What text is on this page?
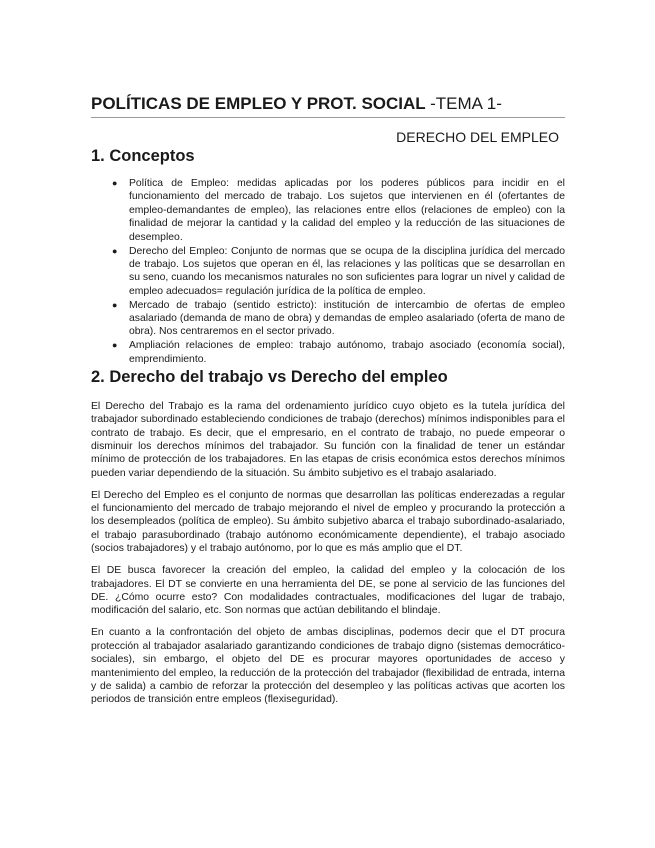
POLÍTICAS DE EMPLEO Y PROT. SOCIAL -TEMA 1-
DERECHO DEL EMPLEO
1. Conceptos
● Política de Empleo: medidas aplicadas por los poderes públicos para incidir en el funcionamiento del mercado de trabajo. Los sujetos que intervienen en él (ofertantes de empleo-demandantes de empleo), las relaciones entre ellos (relaciones de empleo) con la finalidad de mejorar la cantidad y la calidad del empleo y la reducción de las situaciones de desempleo.
● Derecho del Empleo: Conjunto de normas que se ocupa de la disciplina jurídica del mercado de trabajo. Los sujetos que operan en él, las relaciones y las políticas que se desarrollan en su seno, cuando los mecanismos naturales no son suficientes para lograr un nivel y calidad de empleo adecuados= regulación jurídica de la política de empleo.
● Mercado de trabajo (sentido estricto): institución de intercambio de ofertas de empleo asalariado (demanda de mano de obra) y demandas de empleo asalariado (oferta de mano de obra). Nos centraremos en el sector privado.
● Ampliación relaciones de empleo: trabajo autónomo, trabajo asociado (economía social), emprendimiento.
2. Derecho del trabajo vs Derecho del empleo

El Derecho del Trabajo es la rama del ordenamiento jurídico cuyo objeto es la tutela jurídica del trabajador subordinado estableciendo condiciones de trabajo (derechos) mínimos indisponibles para el contrato de trabajo. Es decir, que el empresario, en el contrato de trabajo, no puede empeorar o disminuir los derechos mínimos del trabajador. Su función con la finalidad de tener un estándar mínimo de protección de los trabajadores. En las etapas de crisis económica estos derechos mínimos pueden variar dependiendo de la situación. Su ámbito subjetivo es el trabajo asalariado.

El Derecho del Empleo es el conjunto de normas que desarrollan las políticas enderezadas a regular el funcionamiento del mercado de trabajo mejorando el nivel de empleo y procurando la protección a los desempleados (política de empleo). Su ámbito subjetivo abarca el trabajo subordinado-asalariado, el trabajo parasubordinado (trabajo autónomo económicamente dependiente), el trabajo asociado (socios trabajadores) y el trabajo autónomo, por lo que es más amplio que el DT.

El DE busca favorecer la creación del empleo, la calidad del empleo y la colocación de los trabajadores. El DT se convierte en una herramienta del DE, se pone al servicio de las funciones del DE. ¿Cómo ocurre esto? Con modalidades contractuales, modificaciones del lugar de trabajo, modificación del salario, etc. Son normas que actúan debilitando el blindaje.

En cuanto a la confrontación del objeto de ambas disciplinas, podemos decir que el DT procura protección al trabajador asalariado garantizando condiciones de trabajo digno (sistemas democrático-sociales), sin embargo, el objeto del DE es procurar mayores oportunidades de acceso y mantenimiento del empleo, la reducción de la protección del trabajador (flexibilidad de entrada, interna y de salida) a cambio de reforzar la protección del desempleo y las políticas activas que acorten los periodos de transición entre empleos (flexiseguridad).
